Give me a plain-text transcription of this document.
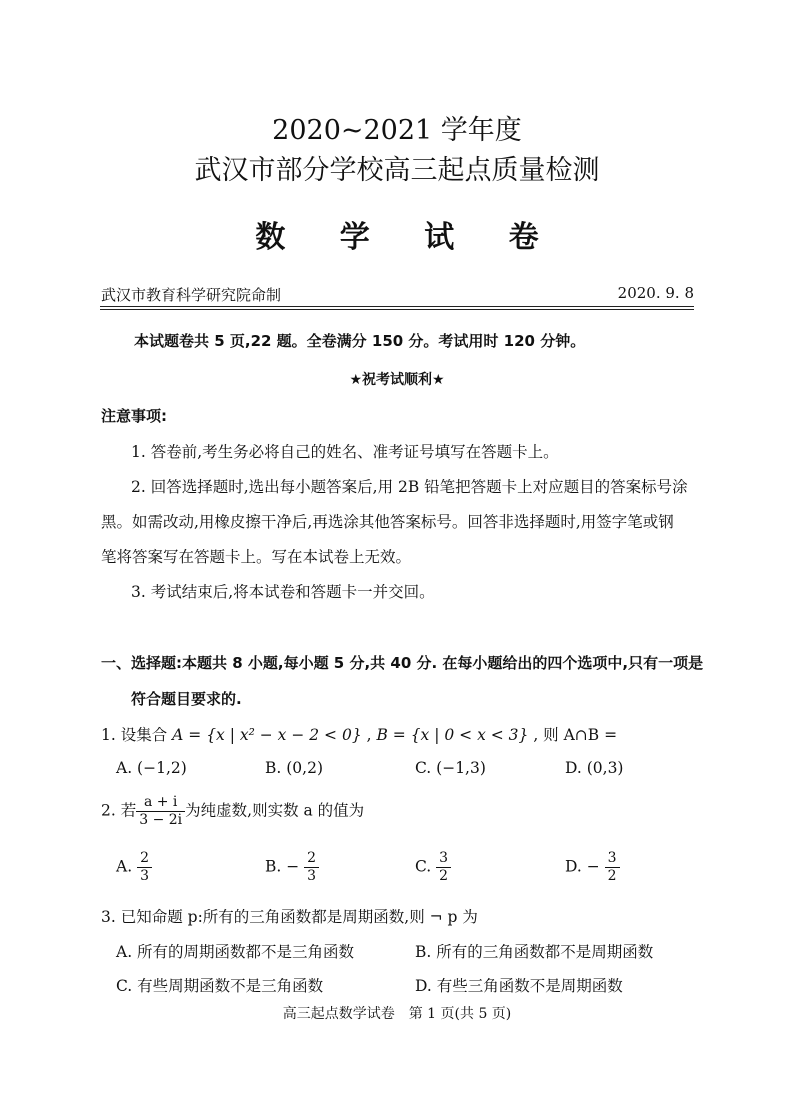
2020~2021 学年度
武汉市部分学校高三起点质量检测
数 学 试 卷
武汉市教育科学研究院命制	2020. 9. 8
本试题卷共 5 页,22 题。全卷满分 150 分。考试用时 120 分钟。
★祝考试顺利★
注意事项:
1. 答卷前,考生务必将自己的姓名、准考证号填写在答题卡上。
2. 回答选择题时,选出每小题答案后,用 2B 铅笔把答题卡上对应题目的答案标号涂
黑。如需改动,用橡皮擦干净后,再选涂其他答案标号。回答非选择题时,用签字笔或钢
笔将答案写在答题卡上。写在本试卷上无效。
3. 考试结束后,将本试卷和答题卡一并交回。
一、选择题:本题共 8 小题,每小题 5 分,共 40 分. 在每小题给出的四个选项中,只有一项是
符合题目要求的.
1. 设集合 A = {x | x² − x − 2 < 0} , B = {x | 0 < x < 3} , 则 A∩B =
A. (−1,2)	B. (0,2)	C. (−1,3)	D. (0,3)
2. 若 $\frac{a + i}{3 - 2i}$ 为纯虚数,则实数 a 的值为
A. $\frac{2}{3}$	B. − $\frac{2}{3}$	C. $\frac{3}{2}$	D. − $\frac{3}{2}$
3. 已知命题 p:所有的三角函数都是周期函数,则 ¬ p 为
A. 所有的周期函数都不是三角函数	B. 所有的三角函数都不是周期函数
C. 有些周期函数不是三角函数	D. 有些三角函数不是周期函数
高三起点数学试卷　第 1 页(共 5 页)
